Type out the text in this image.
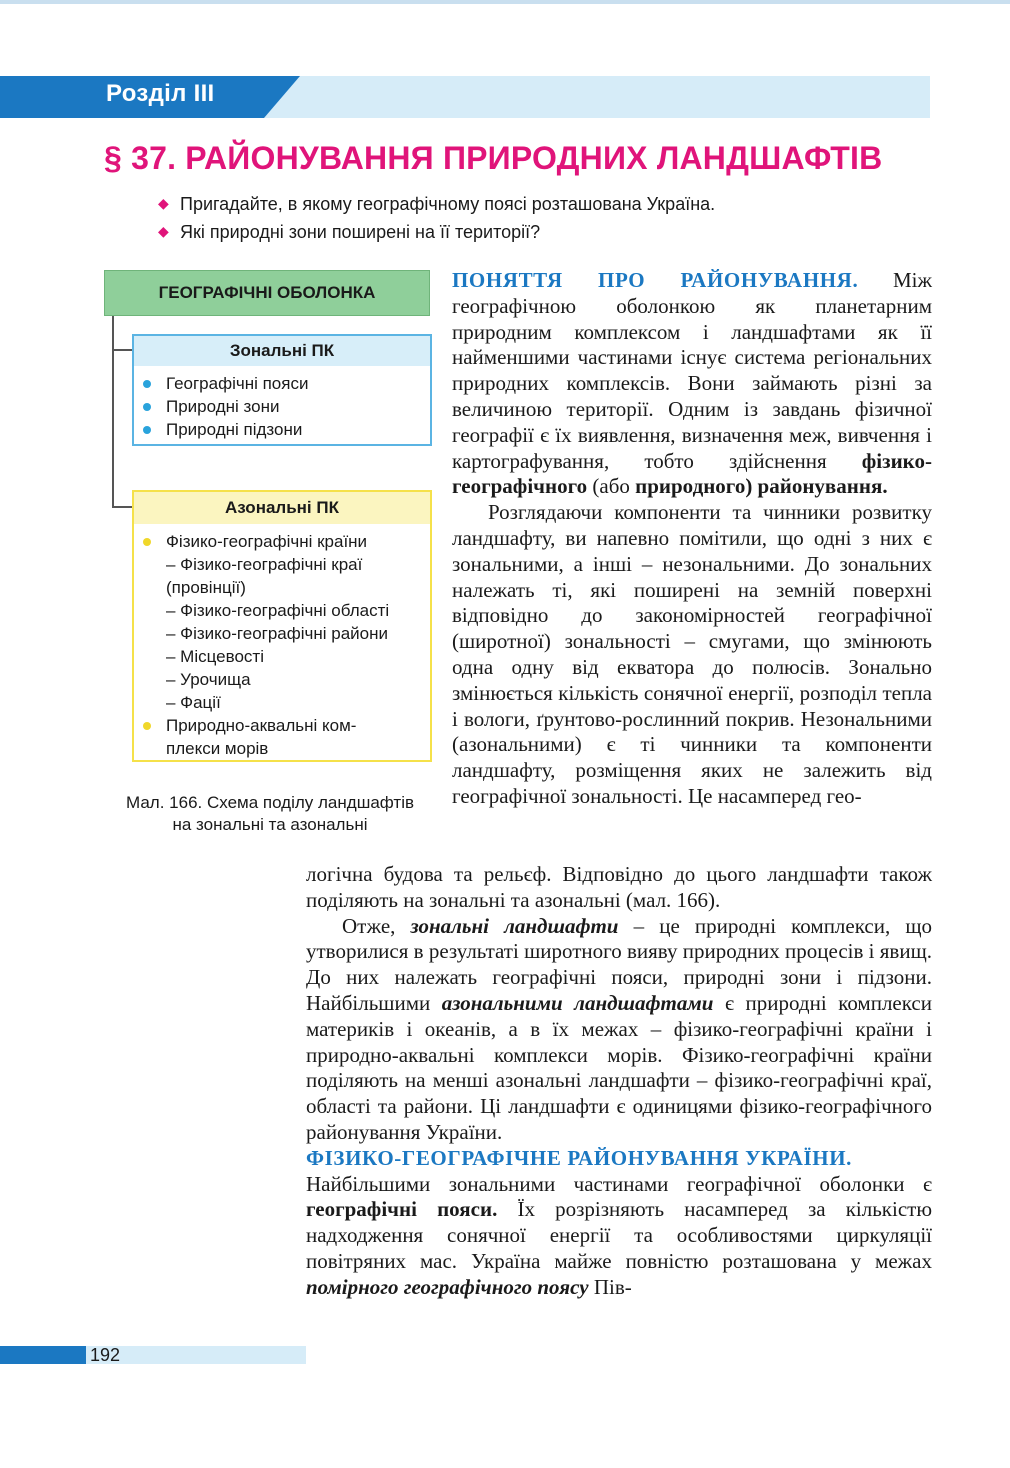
Розділ III
§ 37. РАЙОНУВАННЯ ПРИРОДНИХ ЛАНДШАФТІВ
◆ Пригадайте, в якому географічному поясі розташована Україна.
◆ Які природні зони поширені на її території?
ГЕОГРАФІЧНІ ОБОЛОНКА
Зональні ПК
Географічні пояси
Природні зони
Природні підзони
Азональні ПК
Фізико-географічні країни
– Фізико-географічні краї
(провінції)
– Фізико-географічні області
– Фізико-географічні райони
– Місцевості
– Урочища
– Фації
Природно-аквальні ком-
плекси морів
Мал. 166. Схема поділу ландшафтів
на зональні та азональні

ПОНЯТТЯ ПРО РАЙОНУВАННЯ. Між географічною оболонкою як планетарним природним комплексом і ландшафтами як її найменшими частинами існує система регіональних природних комплексів. Вони займають різні за величиною території. Одним із завдань фізичної географії є їх виявлення, визначення меж, вивчення і картографування, тобто здійснення фізико-географічного (або природного) районування.

Розглядаючи компоненти та чинники розвитку ландшафту, ви напевно помітили, що одні з них є зональними, а інші – незональними. До зональних належать ті, які поширені на земній поверхні відповідно до закономірностей географічної (широтної) зональності – смугами, що змінюють одна одну від екватора до полюсів. Зонально змінюється кількість сонячної енергії, розподіл тепла і вологи, ґрунтово-рослинний покрив. Незональними (азональними) є ті чинники та компоненти ландшафту, розміщення яких не залежить від географічної зональності. Це насамперед гео-

логічна будова та рельєф. Відповідно до цього ландшафти також поділяють на зональні та азональні (мал. 166).

Отже, зональні ландшафти – це природні комплекси, що утворилися в результаті широтного вияву природних процесів і явищ. До них належать географічні пояси, природні зони і підзони. Найбільшими азональними ландшафтами є природні комплекси материків і океанів, а в їх межах – фізико-географічні країни і природно-аквальні комплекси морів. Фізико-географічні країни поділяють на менші азональні ландшафти – фізико-географічні краї, області та райони. Ці ландшафти є одиницями фізико-географічного районування України.

ФІЗИКО-ГЕОГРАФІЧНЕ РАЙОНУВАННЯ УКРАЇНИ.

Найбільшими зональними частинами географічної оболонки є географічні пояси. Їх розрізняють насамперед за кількістю надходження сонячної енергії та особливостями циркуляції повітряних мас. Україна майже повністю розташована у межах помірного географічного поясу Пів-

192
